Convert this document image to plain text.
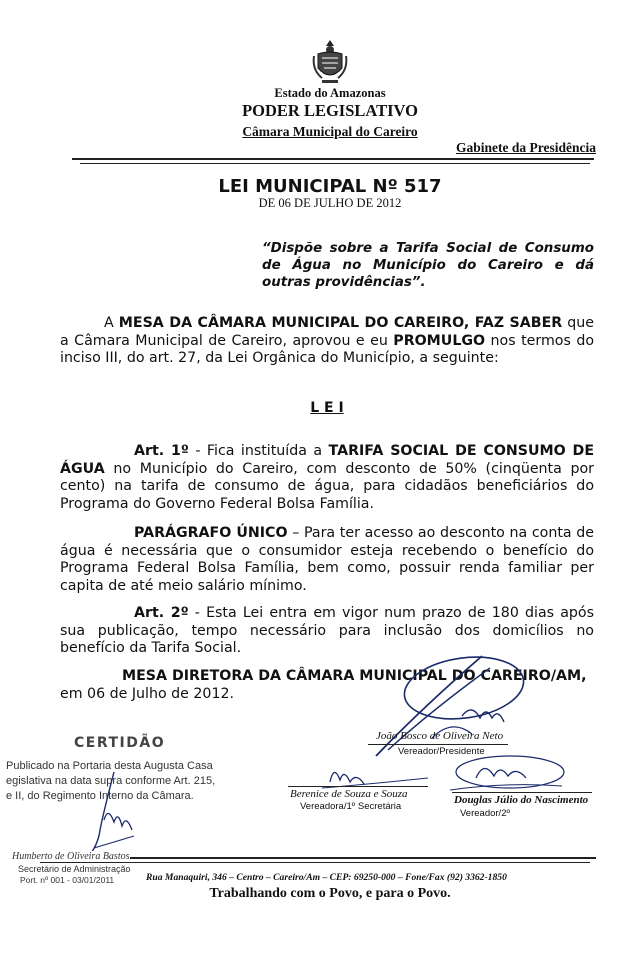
Estado do Amazonas
PODER LEGISLATIVO
Câmara Municipal do Careiro
Gabinete da Presidência
LEI MUNICIPAL Nº 517
DE 06 DE JULHO DE 2012
“Dispõe sobre a Tarifa Social de Consumo de Água no Município do Careiro e dá outras providências”.
A MESA DA CÂMARA MUNICIPAL DO CAREIRO, FAZ SABER que a Câmara Municipal de Careiro, aprovou e eu PROMULGO nos termos do inciso III, do art. 27, da Lei Orgânica do Município, a seguinte:
L E I
Art. 1º - Fica instituída a TARIFA SOCIAL DE CONSUMO DE ÁGUA no Município do Careiro, com desconto de 50% (cinqüenta por cento) na tarifa de consumo de água, para cidadãos beneficiários do Programa do Governo Federal Bolsa Família.
PARÁGRAFO ÚNICO – Para ter acesso ao desconto na conta de água é necessária que o consumidor esteja recebendo o benefício do Programa Federal Bolsa Família, bem como, possuir renda familiar per capita de até meio salário mínimo.
Art. 2º - Esta Lei entra em vigor num prazo de 180 dias após sua publicação, tempo necessário para inclusão dos domicílios no benefício da Tarifa Social.
MESA DIRETORA DA CÂMARA MUNICIPAL DO CAREIRO/AM,
em 06 de Julho de 2012.
João Bosco de Oliveira Neto
Vereador/Presidente
CERTIDÃO
Publicado na Portaria desta Augusta Casa
egislativa na data supra conforme Art. 215,
e II, do Regimento Interno da Câmara.	Berenice de Souza e Souza
Vereadora/1º Secretária
Douglas Júlio do Nascimento
Vereador/2º
Humberto de Oliveira Bastos
Secretário de Administração
Port. nº 001 - 03/01/2011	Rua Manaquiri, 346 – Centro – Careiro/Am – CEP: 69250-000 – Fone/Fax (92) 3362-1850
Trabalhando com o Povo, e para o Povo.
